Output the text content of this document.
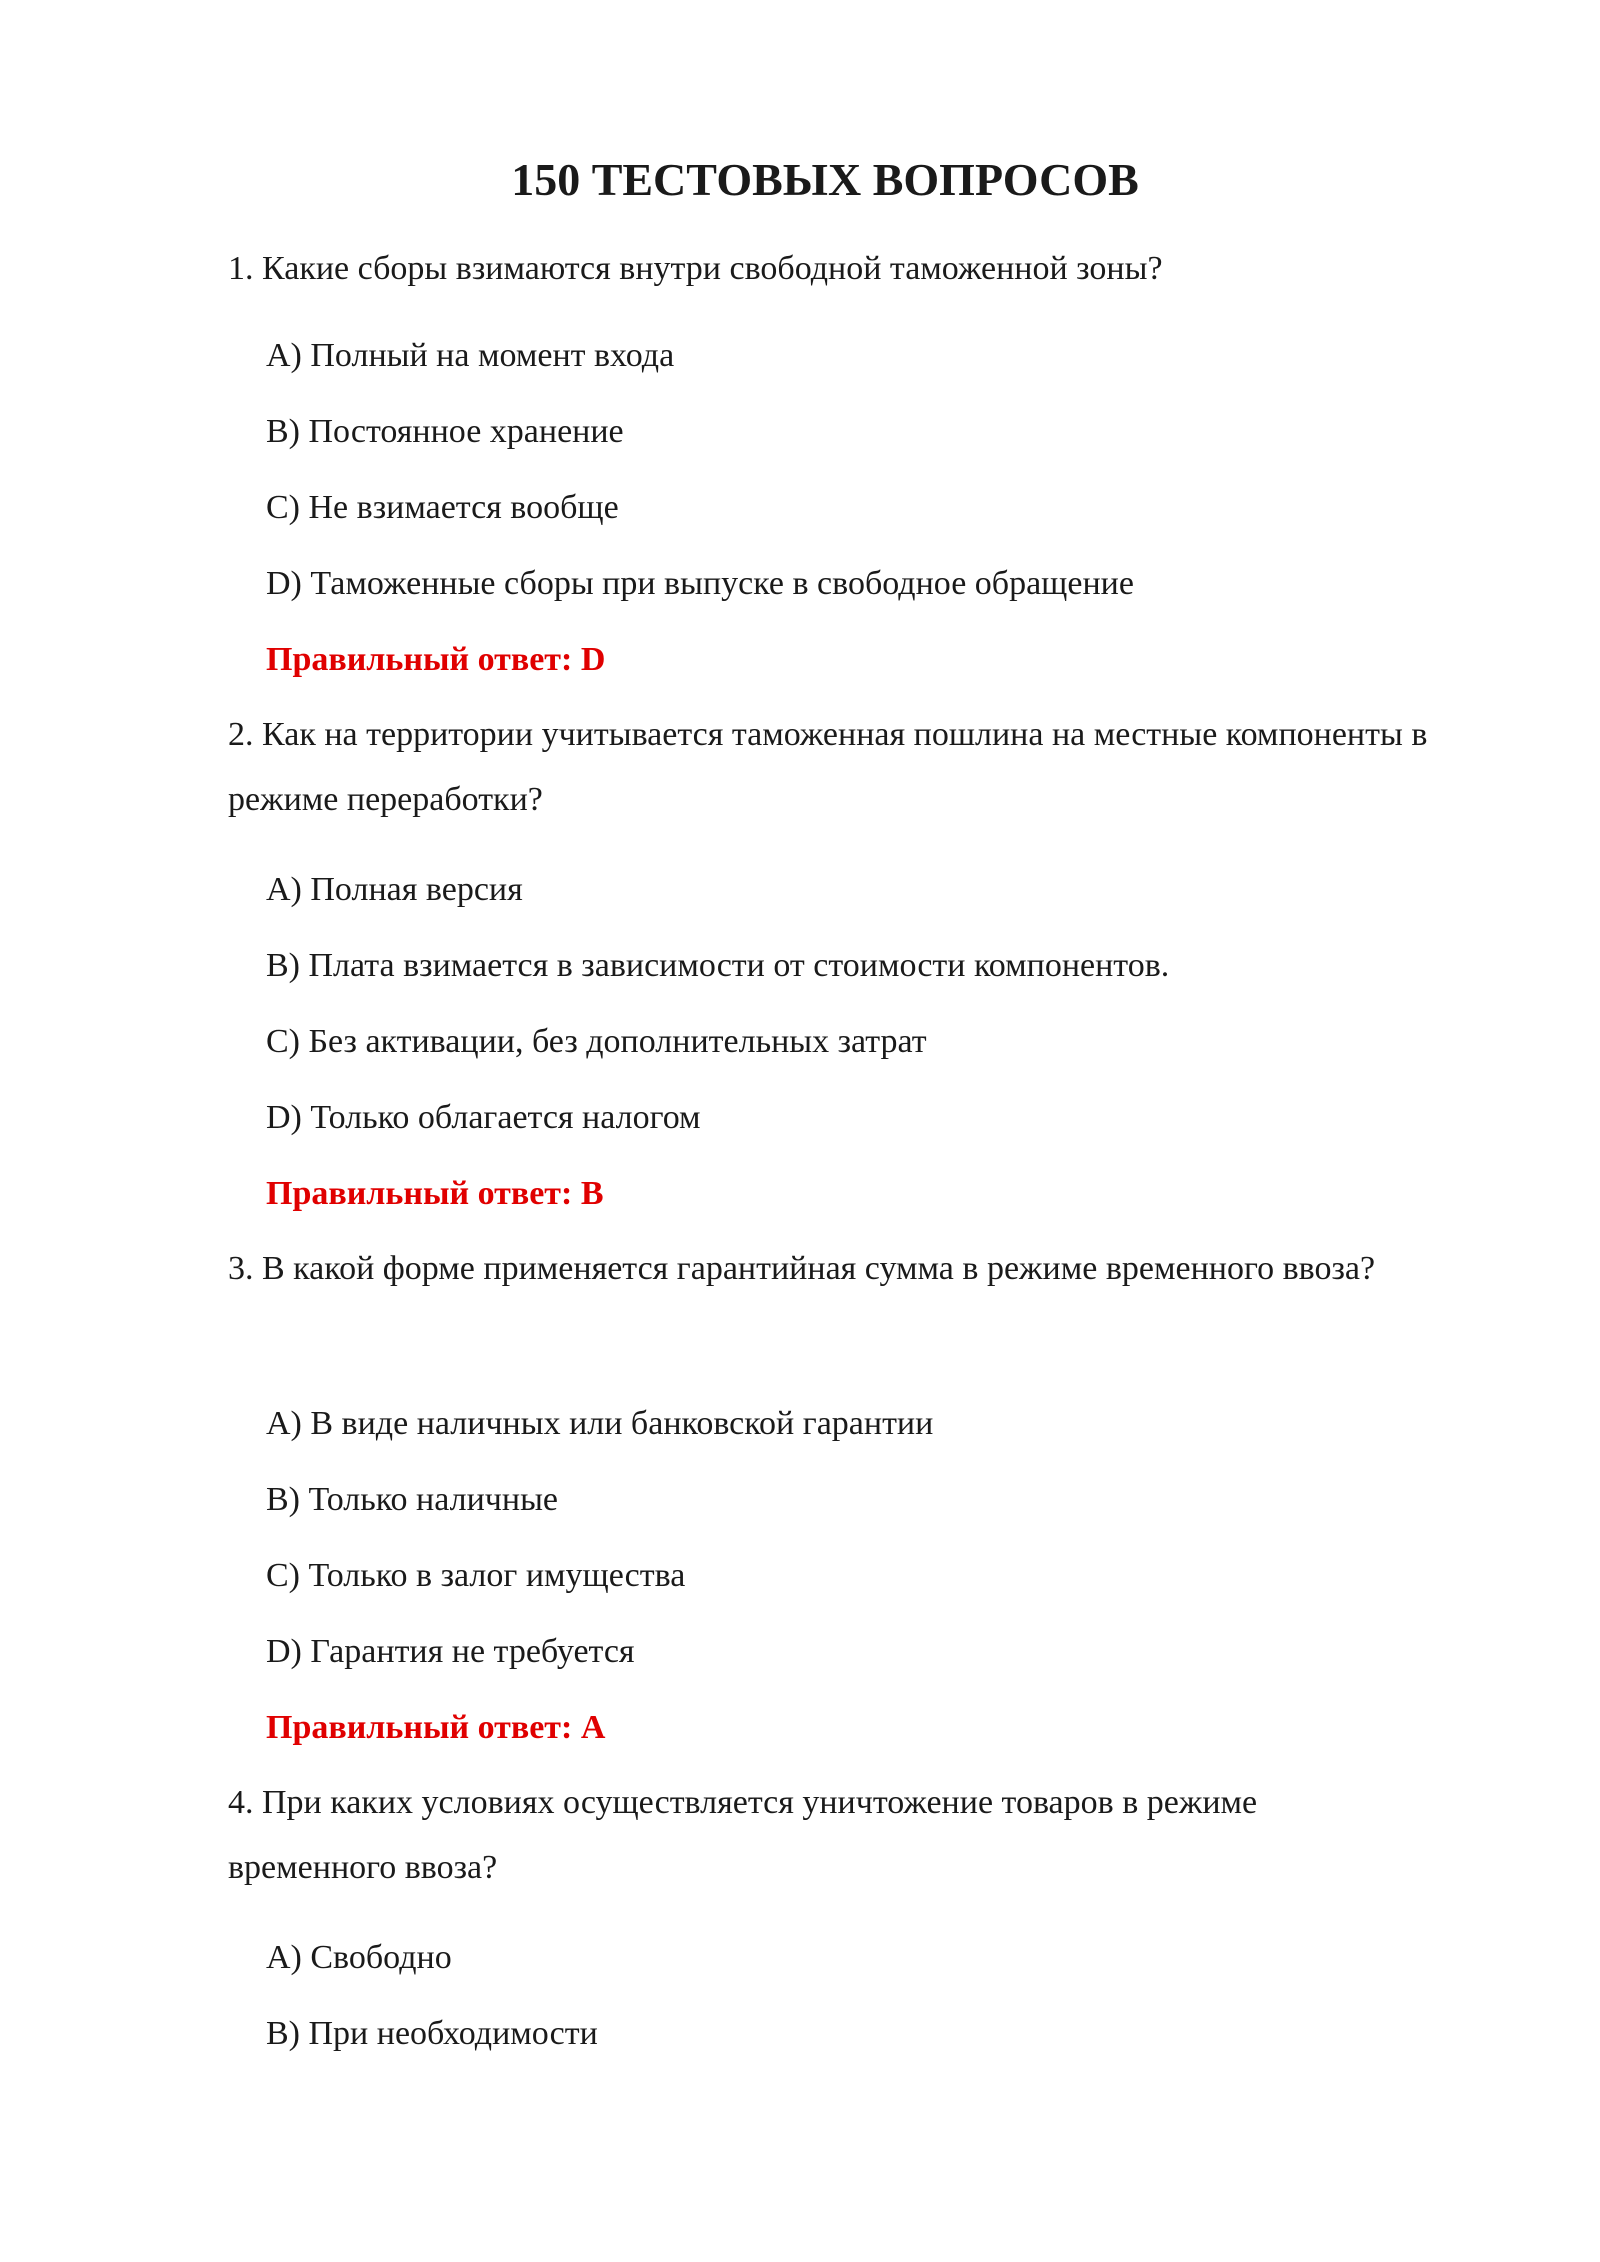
150 ТЕСТОВЫХ ВОПРОСОВ

1. Какие сборы взимаются внутри свободной таможенной зоны?

A) Полный на момент входа

B) Постоянное хранение

C) Не взимается вообще

D) Таможенные сборы при выпуске в свободное обращение

Правильный ответ: D

2. Как на территории учитывается таможенная пошлина на местные компоненты в режиме переработки?

A) Полная версия

B) Плата взимается в зависимости от стоимости компонентов.

C) Без активации, без дополнительных затрат

D) Только облагается налогом

Правильный ответ: B

3. В какой форме применяется гарантийная сумма в режиме временного ввоза?

A) В виде наличных или банковской гарантии

B) Только наличные

C) Только в залог имущества

D) Гарантия не требуется

Правильный ответ: A

4. При каких условиях осуществляется уничтожение товаров в режиме временного ввоза?

A) Свободно

B) При необходимости
